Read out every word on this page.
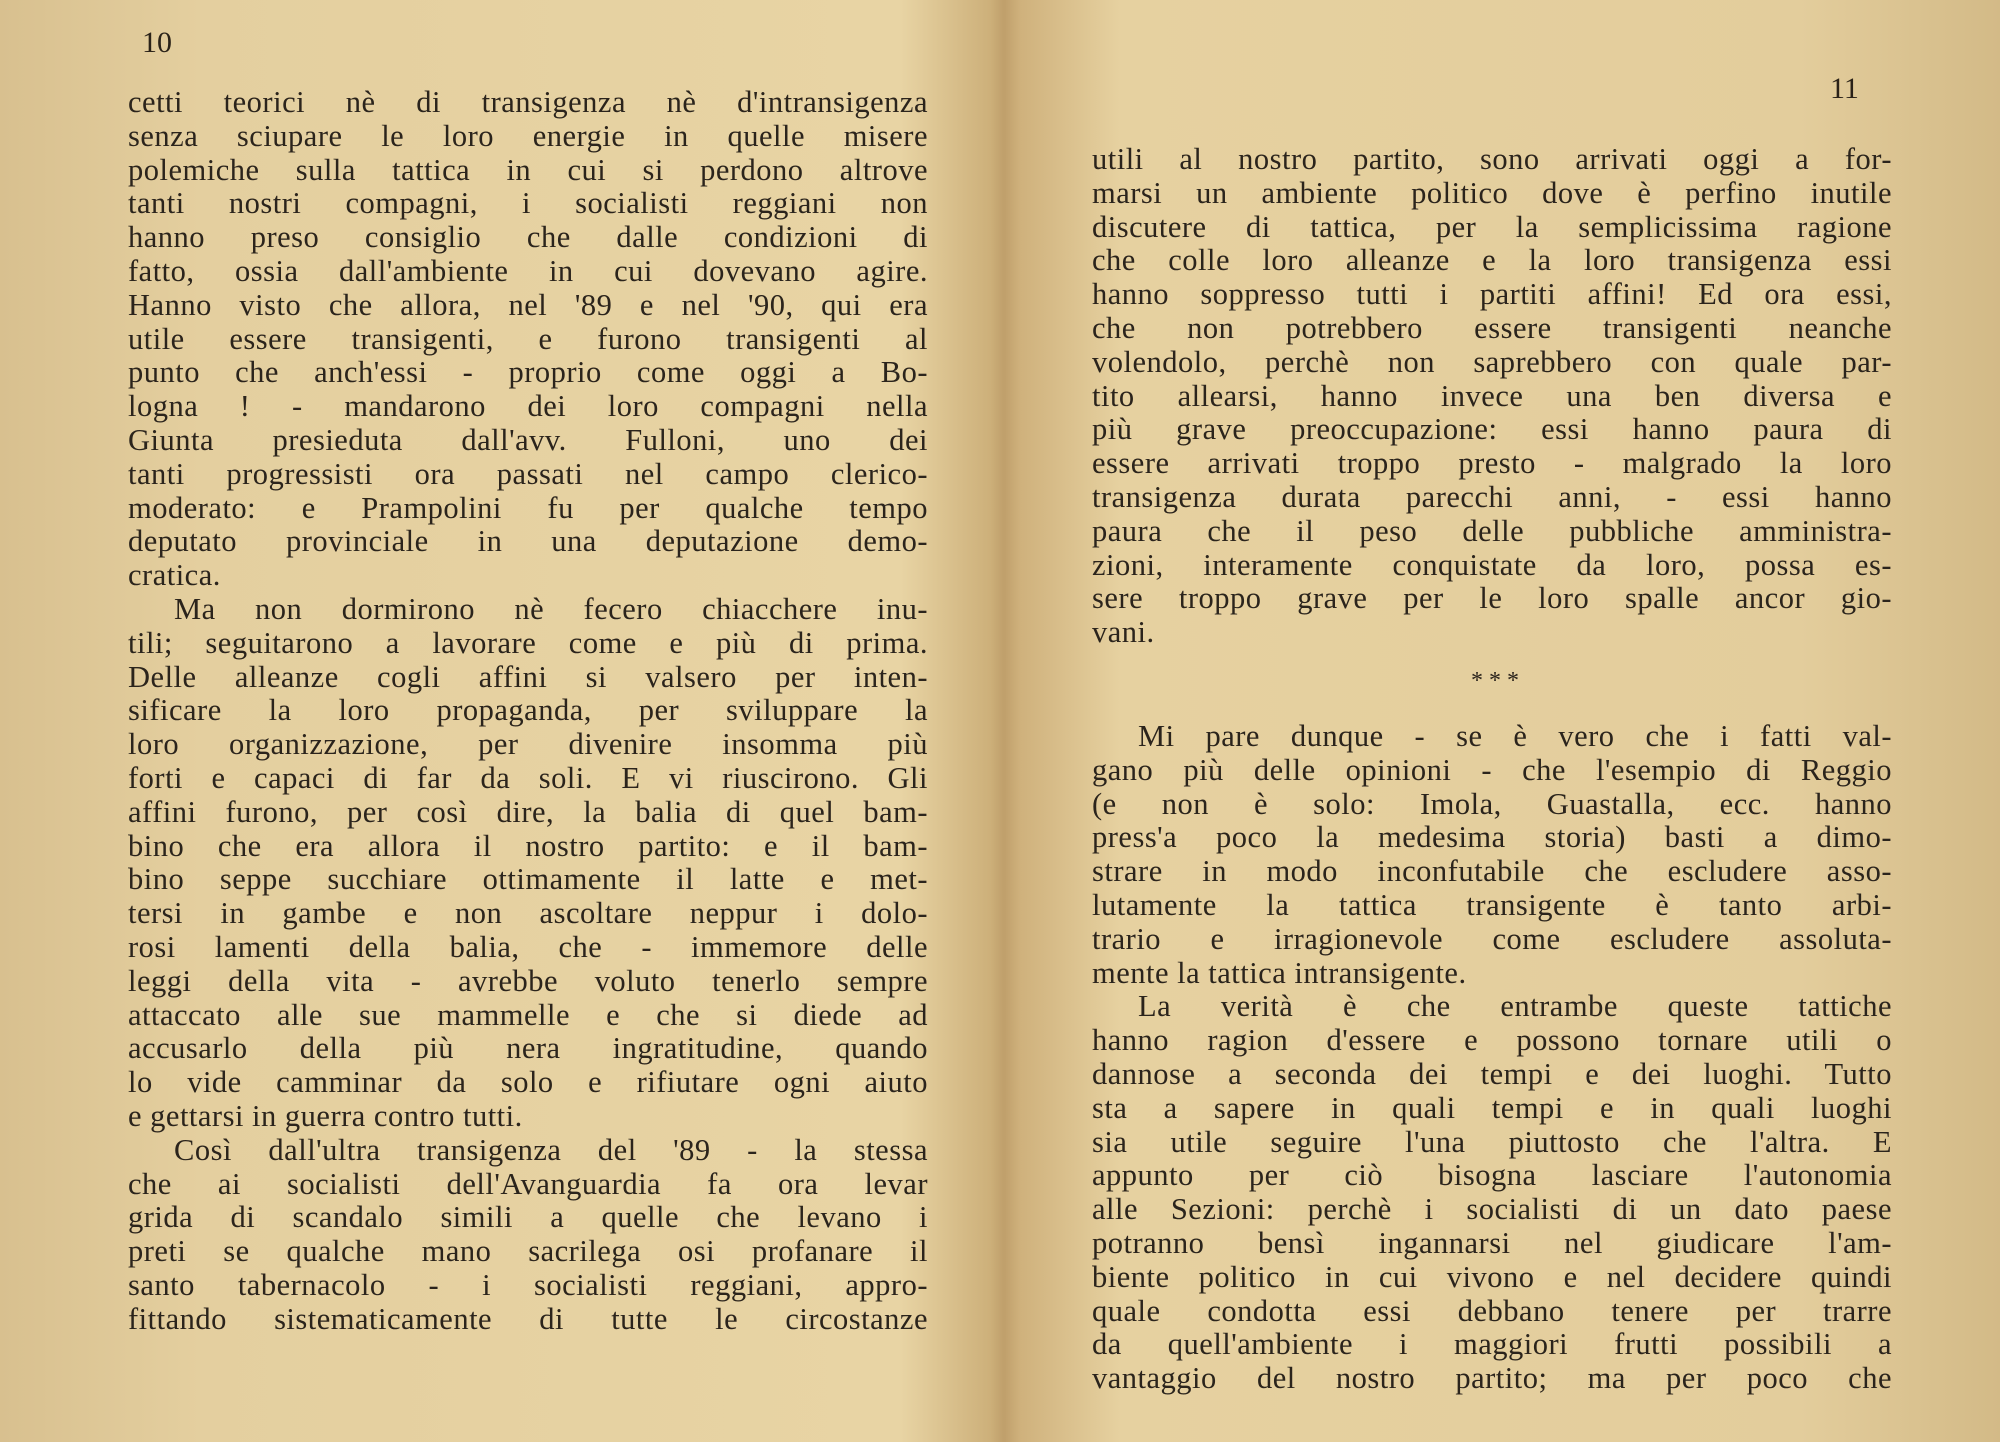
10
cetti teorici nè di transigenza nè d'intransigenza
senza sciupare le loro energie in quelle misere
polemiche sulla tattica in cui si perdono altrove
tanti nostri compagni, i socialisti reggiani non
hanno preso consiglio che dalle condizioni di
fatto, ossia dall'ambiente in cui dovevano agire.
Hanno visto che allora, nel '89 e nel '90, qui era
utile essere transigenti, e furono transigenti al
punto che anch'essi - proprio come oggi a Bo-
logna ! - mandarono dei loro compagni nella
Giunta presieduta dall'avv. Fulloni, uno dei
tanti progressisti ora passati nel campo clerico-
moderato: e Prampolini fu per qualche tempo
deputato provinciale in una deputazione demo-
cratica.
Ma non dormirono nè fecero chiacchere inu-
tili; seguitarono a lavorare come e più di prima.
Delle alleanze cogli affini si valsero per inten-
sificare la loro propaganda, per sviluppare la
loro organizzazione, per divenire insomma più
forti e capaci di far da soli. E vi riuscirono. Gli
affini furono, per così dire, la balia di quel bam-
bino che era allora il nostro partito: e il bam-
bino seppe succhiare ottimamente il latte e met-
tersi in gambe e non ascoltare neppur i dolo-
rosi lamenti della balia, che - immemore delle
leggi della vita - avrebbe voluto tenerlo sempre
attaccato alle sue mammelle e che si diede ad
accusarlo della più nera ingratitudine, quando
lo vide camminar da solo e rifiutare ogni aiuto
e gettarsi in guerra contro tutti.
Così dall'ultra transigenza del '89 - la stessa
che ai socialisti dell'Avanguardia fa ora levar
grida di scandalo simili a quelle che levano i
preti se qualche mano sacrilega osi profanare il
santo tabernacolo - i socialisti reggiani, appro-
fittando sistematicamente di tutte le circostanze
11
utili al nostro partito, sono arrivati oggi a for-
marsi un ambiente politico dove è perfino inutile
discutere di tattica, per la semplicissima ragione
che colle loro alleanze e la loro transigenza essi
hanno soppresso tutti i partiti affini! Ed ora essi,
che non potrebbero essere transigenti neanche
volendolo, perchè non saprebbero con quale par-
tito allearsi, hanno invece una ben diversa e
più grave preoccupazione: essi hanno paura di
essere arrivati troppo presto - malgrado la loro
transigenza durata parecchi anni, - essi hanno
paura che il peso delle pubbliche amministra-
zioni, interamente conquistate da loro, possa es-
sere troppo grave per le loro spalle ancor gio-
vani.
* * *
Mi pare dunque - se è vero che i fatti val-
gano più delle opinioni - che l'esempio di Reggio
(e non è solo: Imola, Guastalla, ecc. hanno
press'a poco la medesima storia) basti a dimo-
strare in modo inconfutabile che escludere asso-
lutamente la tattica transigente è tanto arbi-
trario e irragionevole come escludere assoluta-
mente la tattica intransigente.
La verità è che entrambe queste tattiche
hanno ragion d'essere e possono tornare utili o
dannose a seconda dei tempi e dei luoghi. Tutto
sta a sapere in quali tempi e in quali luoghi
sia utile seguire l'una piuttosto che l'altra. E
appunto per ciò bisogna lasciare l'autonomia
alle Sezioni: perchè i socialisti di un dato paese
potranno bensì ingannarsi nel giudicare l'am-
biente politico in cui vivono e nel decidere quindi
quale condotta essi debbano tenere per trarre
da quell'ambiente i maggiori frutti possibili a
vantaggio del nostro partito; ma per poco che
